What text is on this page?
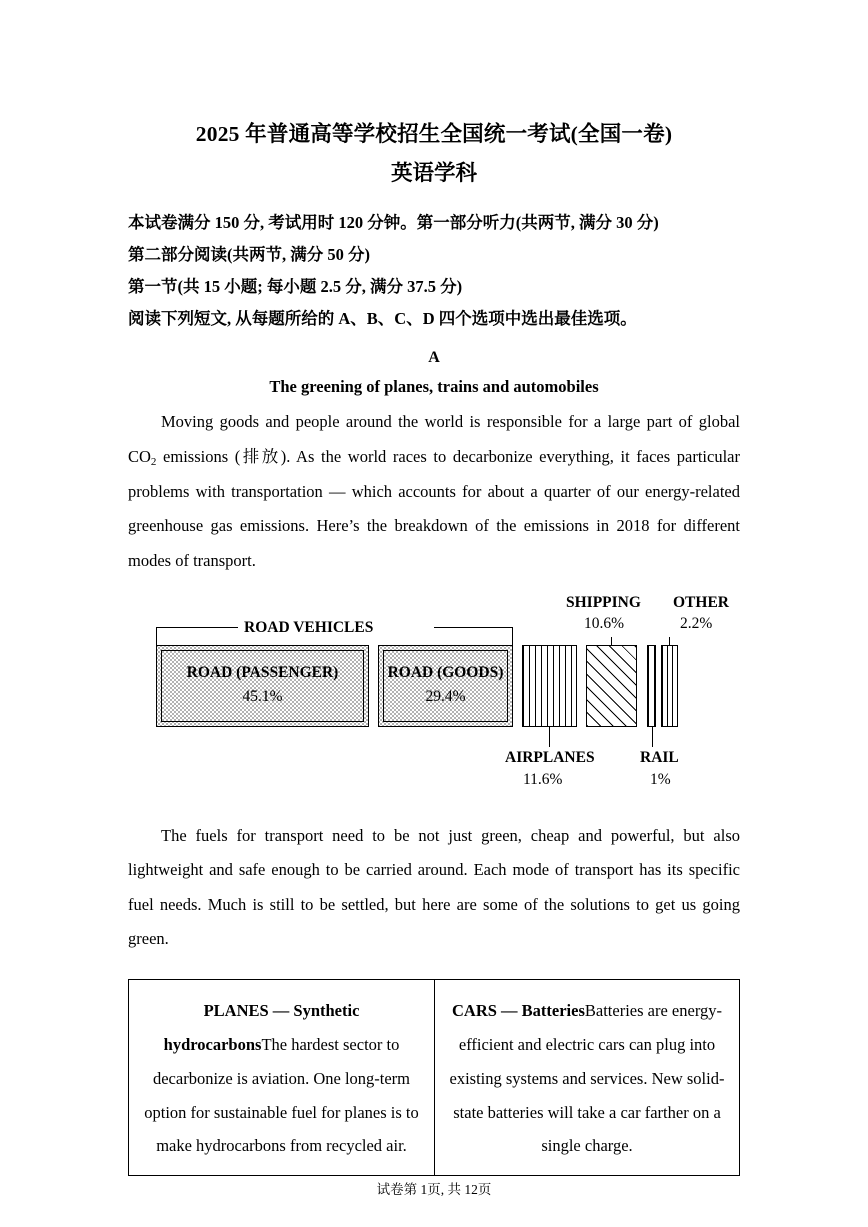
2025 年普通高等学校招生全国统一考试(全国一卷)
英语学科

本试卷满分 150 分, 考试用时 120 分钟。第一部分听力(共两节, 满分 30 分)

第二部分阅读(共两节, 满分 50 分)

第一节(共 15 小题; 每小题 2.5 分, 满分 37.5 分)

阅读下列短文, 从每题所给的 A、B、C、D 四个选项中选出最佳选项。

A
The greening of planes, trains and automobiles

Moving goods and people around the world is responsible for a large part of global $CO_2$ emissions (排放). As the world races to decarbonize everything, it faces particular problems with transportation — which accounts for about a quarter of our energy-related greenhouse gas emissions. Here’s the breakdown of the emissions in 2018 for different modes of transport.

ROAD VEHICLES
ROAD (PASSENGER)
45.1%
ROAD (GOODS)
29.4%
SHIPPING
10.6%
OTHER
2.2%
AIRPLANES
11.6%
RAIL
1%

The fuels for transport need to be not just green, cheap and powerful, but also lightweight and safe enough to be carried around. Each mode of transport has its specific fuel needs. Much is still to be settled, but here are some of the solutions to get us going green.

PLANES — Synthetic hydrocarbonsThe hardest sector to decarbonize is aviation. One long-term option for sustainable fuel for planes is to make hydrocarbons from recycled air.
CARS — BatteriesBatteries are energy-efficient and electric cars can plug into existing systems and services. New solid-state batteries will take a car farther on a single charge.
试卷第 1页, 共 12页
